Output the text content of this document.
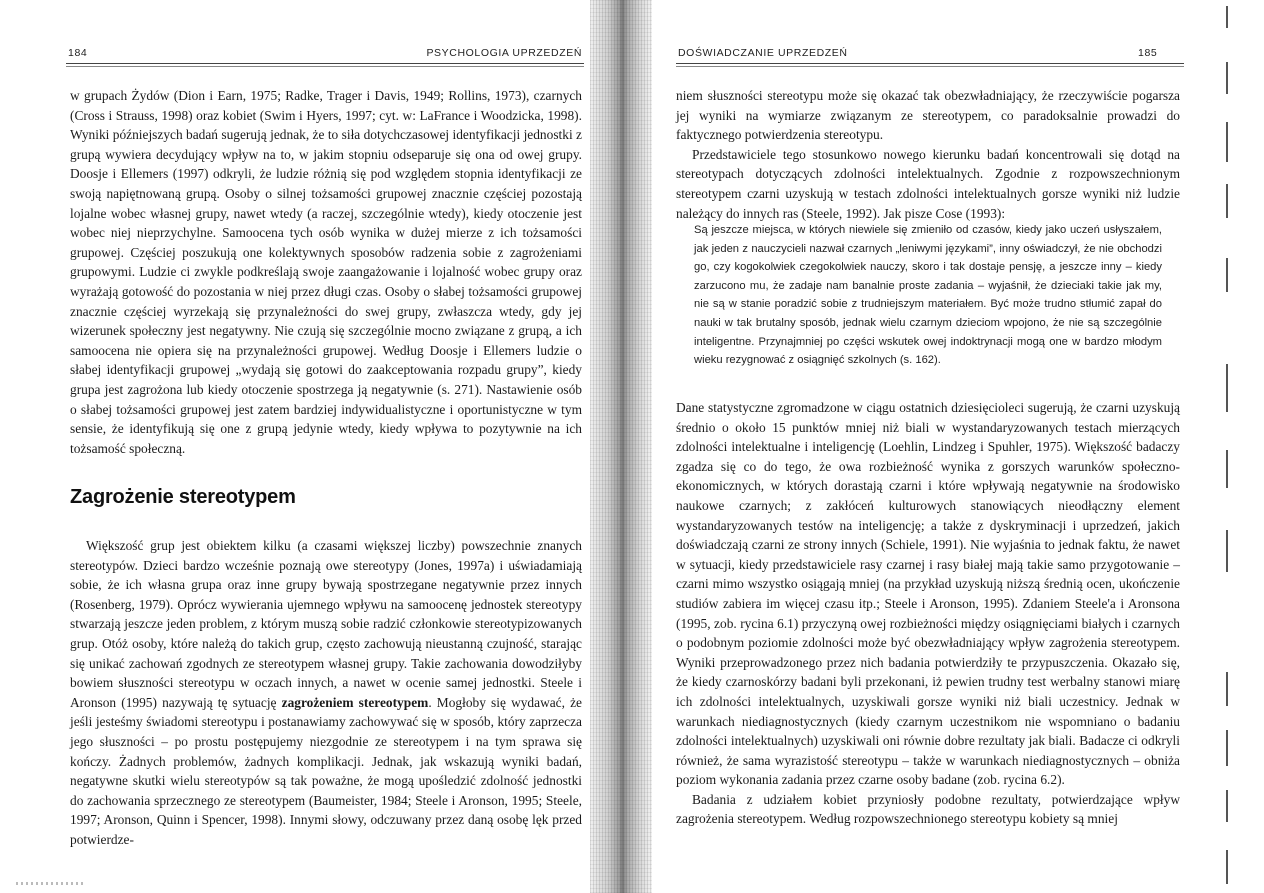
184	PSYCHOLOGIA UPRZEDZEŃ

w grupach Żydów (Dion i Earn, 1975; Radke, Trager i Davis, 1949; Rollins, 1973), czarnych (Cross i Strauss, 1998) oraz kobiet (Swim i Hyers, 1997; cyt. w: LaFrance i Woodzicka, 1998). Wyniki późniejszych badań sugerują jednak, że to siła dotychczasowej identyfikacji jednostki z grupą wywiera decydujący wpływ na to, w jakim stopniu odseparuje się ona od owej grupy. Doosje i Ellemers (1997) odkryli, że ludzie różnią się pod względem stopnia identyfikacji ze swoją napiętnowaną grupą. Osoby o silnej tożsamości grupowej znacznie częściej pozostają lojalne wobec własnej grupy, nawet wtedy (a raczej, szczególnie wtedy), kiedy otoczenie jest wobec niej nieprzychylne. Samoocena tych osób wynika w dużej mierze z ich tożsamości grupowej. Częściej poszukują one kolektywnych sposobów radzenia sobie z zagrożeniami grupowymi. Ludzie ci zwykle podkreślają swoje zaangażowanie i lojalność wobec grupy oraz wyrażają gotowość do pozostania w niej przez długi czas. Osoby o słabej tożsamości grupowej znacznie częściej wyrzekają się przynależności do swej grupy, zwłaszcza wtedy, gdy jej wizerunek społeczny jest negatywny. Nie czują się szczególnie mocno związane z grupą, a ich samoocena nie opiera się na przynależności grupowej. Według Doosje i Ellemers ludzie o słabej identyfikacji grupowej „wydają się gotowi do zaakceptowania rozpadu grupy”, kiedy grupa jest zagrożona lub kiedy otoczenie spostrzega ją negatywnie (s. 271). Nastawienie osób o słabej tożsamości grupowej jest zatem bardziej indywidualistyczne i oportunistyczne w tym sensie, że identyfikują się one z grupą jedynie wtedy, kiedy wpływa to pozytywnie na ich tożsamość społeczną.

Zagrożenie stereotypem

Większość grup jest obiektem kilku (a czasami większej liczby) powszechnie znanych stereotypów. Dzieci bardzo wcześnie poznają owe stereotypy (Jones, 1997a) i uświadamiają sobie, że ich własna grupa oraz inne grupy bywają spostrzegane negatywnie przez innych (Rosenberg, 1979). Oprócz wywierania ujemnego wpływu na samoocenę jednostek stereotypy stwarzają jeszcze jeden problem, z którym muszą sobie radzić członkowie stereotypizowanych grup. Otóż osoby, które należą do takich grup, często zachowują nieustanną czujność, starając się unikać zachowań zgodnych ze stereotypem własnej grupy. Takie zachowania dowodziłyby bowiem słuszności stereotypu w oczach innych, a nawet w ocenie samej jednostki. Steele i Aronson (1995) nazywają tę sytuację zagrożeniem stereotypem. Mogłoby się wydawać, że jeśli jesteśmy świadomi stereotypu i postanawiamy zachowywać się w sposób, który zaprzecza jego słuszności – po prostu postępujemy niezgodnie ze stereotypem i na tym sprawa się kończy. Żadnych problemów, żadnych komplikacji. Jednak, jak wskazują wyniki badań, negatywne skutki wielu stereotypów są tak poważne, że mogą upośledzić zdolność jednostki do zachowania sprzecznego ze stereotypem (Baumeister, 1984; Steele i Aronson, 1995; Steele, 1997; Aronson, Quinn i Spencer, 1998). Innymi słowy, odczuwany przez daną osobę lęk przed potwierdze-

DOŚWIADCZANIE UPRZEDZEŃ	185

niem słuszności stereotypu może się okazać tak obezwładniający, że rzeczywiście pogarsza jej wyniki na wymiarze związanym ze stereotypem, co paradoksalnie prowadzi do faktycznego potwierdzenia stereotypu.

Przedstawiciele tego stosunkowo nowego kierunku badań koncentrowali się dotąd na stereotypach dotyczących zdolności intelektualnych. Zgodnie z rozpowszechnionym stereotypem czarni uzyskują w testach zdolności intelektualnych gorsze wyniki niż ludzie należący do innych ras (Steele, 1992). Jak pisze Cose (1993):

Są jeszcze miejsca, w których niewiele się zmieniło od czasów, kiedy jako uczeń usłyszałem, jak jeden z nauczycieli nazwał czarnych „leniwymi językami”, inny oświadczył, że nie obchodzi go, czy kogokolwiek czegokolwiek nauczy, skoro i tak dostaje pensję, a jeszcze inny – kiedy zarzucono mu, że zadaje nam banalnie proste zadania – wyjaśnił, że dzieciaki takie jak my, nie są w stanie poradzić sobie z trudniejszym materiałem. Być może trudno stłumić zapał do nauki w tak brutalny sposób, jednak wielu czarnym dzieciom wpojono, że nie są szczególnie inteligentne. Przynajmniej po części wskutek owej indoktrynacji mogą one w bardzo młodym wieku rezygnować z osiągnięć szkolnych (s. 162).

Dane statystyczne zgromadzone w ciągu ostatnich dziesięcioleci sugerują, że czarni uzyskują średnio o około 15 punktów mniej niż biali w wystandaryzowanych testach mierzących zdolności intelektualne i inteligencję (Loehlin, Lindzeg i Spuhler, 1975). Większość badaczy zgadza się co do tego, że owa rozbieżność wynika z gorszych warunków społeczno-ekonomicznych, w których dorastają czarni i które wpływają negatywnie na środowisko naukowe czarnych; z zakłóceń kulturowych stanowiących nieodłączny element wystandaryzowanych testów na inteligencję; a także z dyskryminacji i uprzedzeń, jakich doświadczają czarni ze strony innych (Schiele, 1991). Nie wyjaśnia to jednak faktu, że nawet w sytuacji, kiedy przedstawiciele rasy czarnej i rasy białej mają takie samo przygotowanie – czarni mimo wszystko osiągają mniej (na przykład uzyskują niższą średnią ocen, ukończenie studiów zabiera im więcej czasu itp.; Steele i Aronson, 1995). Zdaniem Steele'a i Aronsona (1995, zob. rycina 6.1) przyczyną owej rozbieżności między osiągnięciami białych i czarnych o podobnym poziomie zdolności może być obezwładniający wpływ zagrożenia stereotypem. Wyniki przeprowadzonego przez nich badania potwierdziły te przypuszczenia. Okazało się, że kiedy czarnoskórzy badani byli przekonani, iż pewien trudny test werbalny stanowi miarę ich zdolności intelektualnych, uzyskiwali gorsze wyniki niż biali uczestnicy. Jednak w warunkach niediagnostycznych (kiedy czarnym uczestnikom nie wspomniano o badaniu zdolności intelektualnych) uzyskiwali oni równie dobre rezultaty jak biali. Badacze ci odkryli również, że sama wyrazistość stereotypu – także w warunkach niediagnostycznych – obniża poziom wykonania zadania przez czarne osoby badane (zob. rycina 6.2).

Badania z udziałem kobiet przyniosły podobne rezultaty, potwierdzające wpływ zagrożenia stereotypem. Według rozpowszechnionego stereotypu kobiety są mniej
